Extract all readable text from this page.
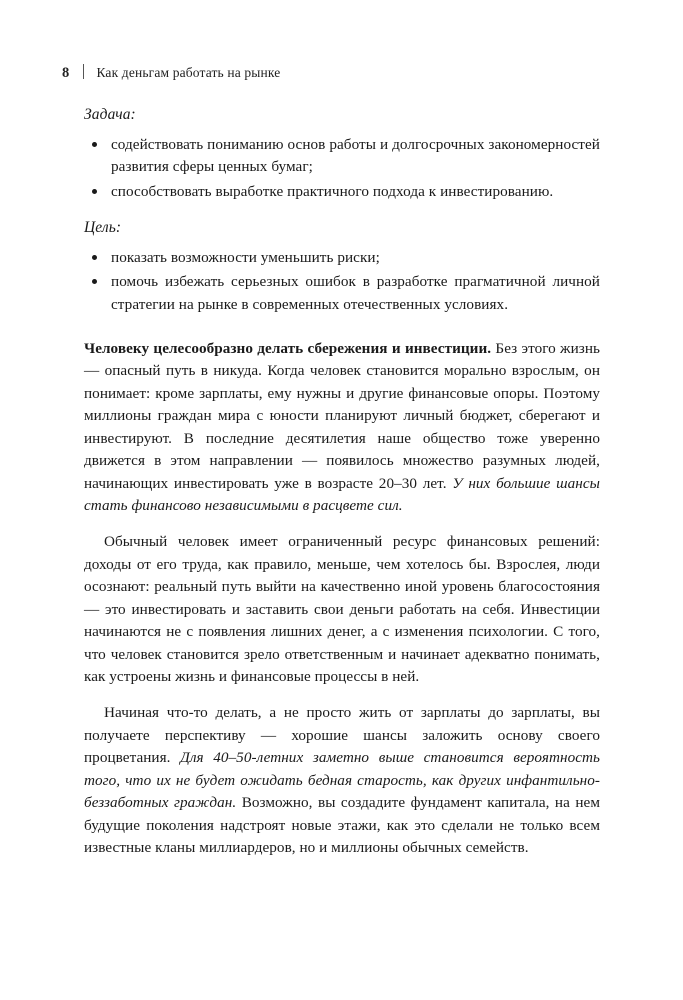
8 Как деньгам работать на рынке

Задача:

содействовать пониманию основ работы и долгосрочных закономерностей развития сферы ценных бумаг;
способствовать выработке практичного подхода к инвестированию.

Цель:

показать возможности уменьшить риски;
помочь избежать серьезных ошибок в разработке прагматичной личной стратегии на рынке в современных отечественных условиях.

Человеку целесообразно делать сбережения и инвестиции. Без этого жизнь — опасный путь в никуда. Когда человек становится морально взрослым, он понимает: кроме зарплаты, ему нужны и другие финансовые опоры. Поэтому миллионы граждан мира с юности планируют личный бюджет, сберегают и инвестируют. В последние десятилетия наше общество тоже уверенно движется в этом направлении — появилось множество разумных людей, начинающих инвестировать уже в возрасте 20–30 лет. У них большие шансы стать финансово независимыми в расцвете сил.

Обычный человек имеет ограниченный ресурс финансовых решений: доходы от его труда, как правило, меньше, чем хотелось бы. Взрослея, люди осознают: реальный путь выйти на качественно иной уровень благосостояния — это инвестировать и заставить свои деньги работать на себя. Инвестиции начинаются не с появления лишних денег, а с изменения психологии. С того, что человек становится зрело ответственным и начинает адекватно понимать, как устроены жизнь и финансовые процессы в ней.

Начиная что-то делать, а не просто жить от зарплаты до зарплаты, вы получаете перспективу — хорошие шансы заложить основу своего процветания. Для 40–50-летних заметно выше становится вероятность того, что их не будет ожидать бедная старость, как других инфантильно-беззаботных граждан. Возможно, вы создадите фундамент капитала, на нем будущие поколения надстроят новые этажи, как это сделали не только всем известные кланы миллиардеров, но и миллионы обычных семейств.
